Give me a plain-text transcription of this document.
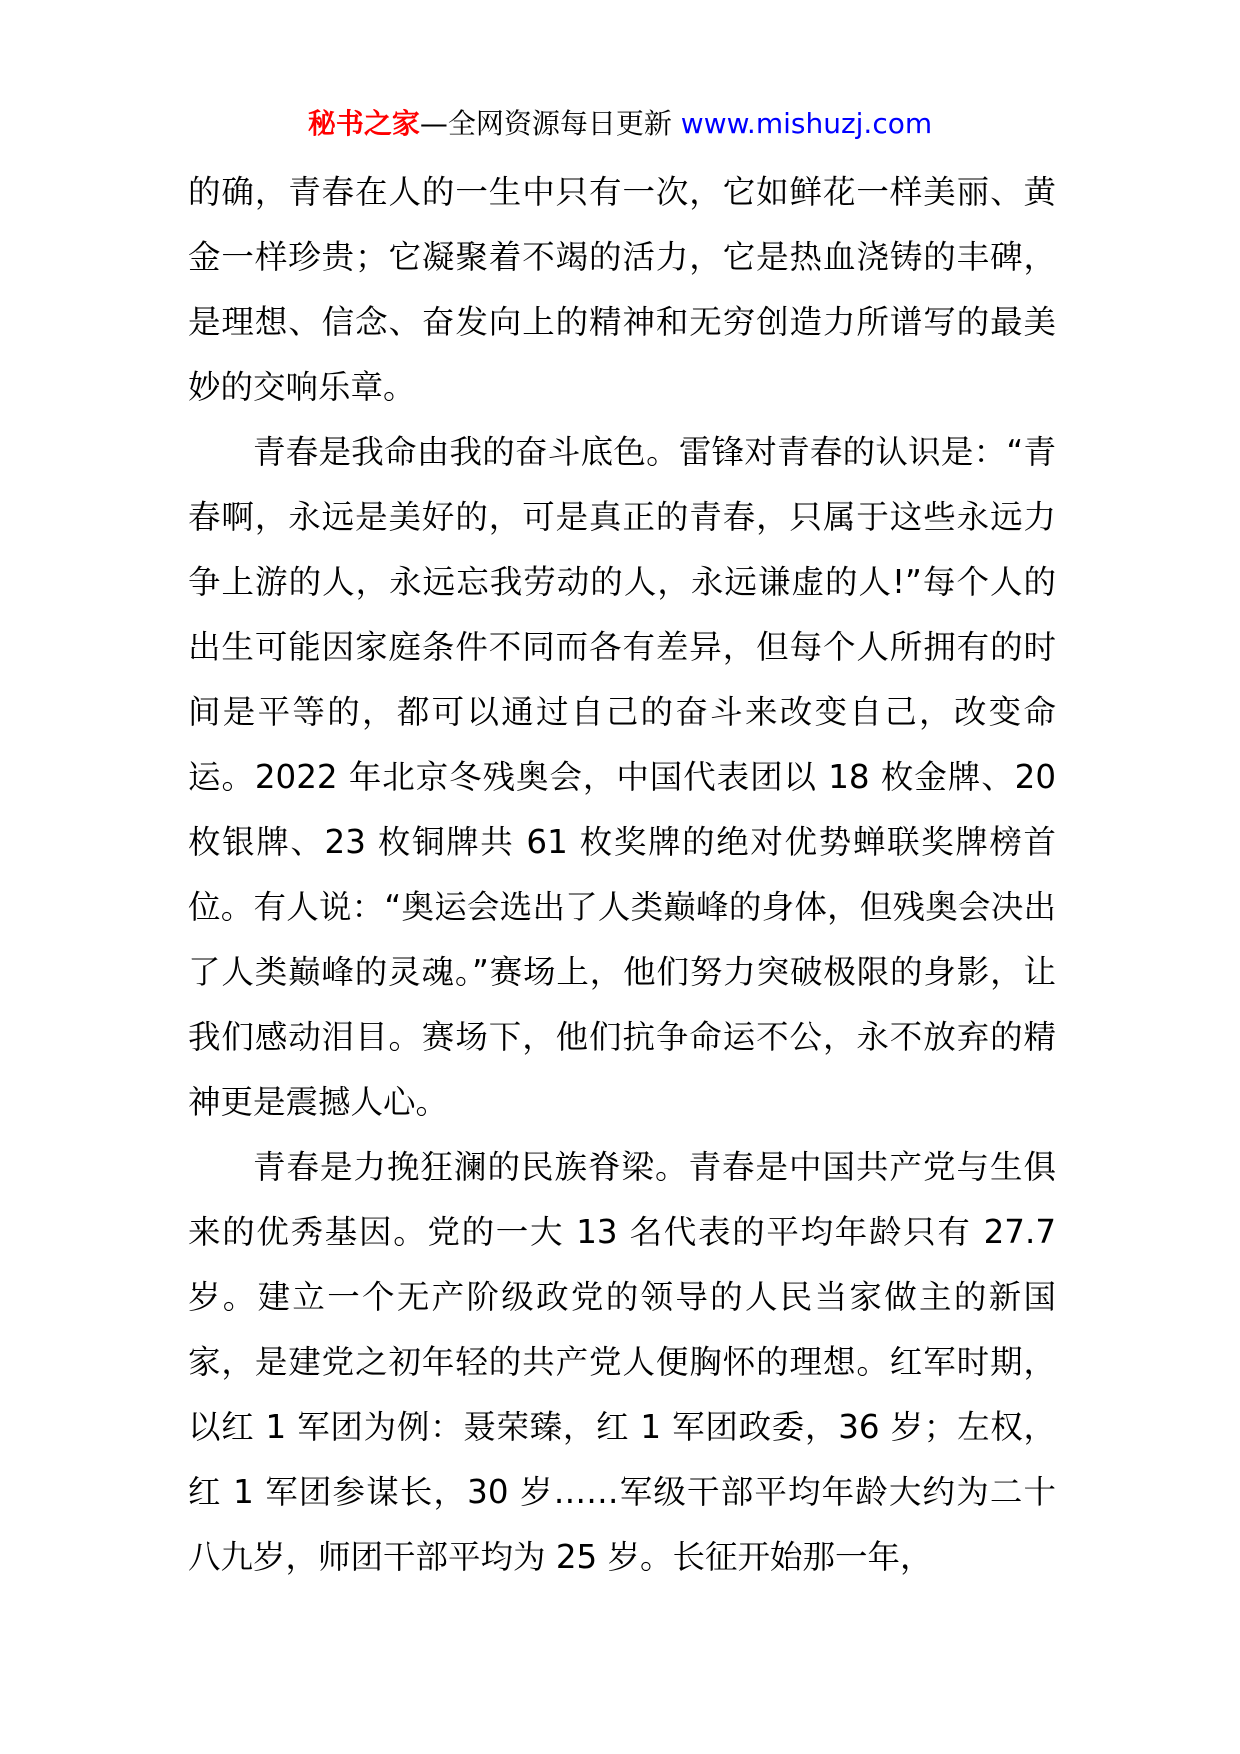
秘书之家—全网资源每日更新 www.mishuzj.com

的确，青春在人的一生中只有一次，它如鲜花一样美丽、黄金一样珍贵；它凝聚着不竭的活力，它是热血浇铸的丰碑，是理想、信念、奋发向上的精神和无穷创造力所谱写的最美妙的交响乐章。

青春是我命由我的奋斗底色。雷锋对青春的认识是：“青春啊，永远是美好的，可是真正的青春，只属于这些永远力争上游的人，永远忘我劳动的人，永远谦虚的人!”每个人的出生可能因家庭条件不同而各有差异，但每个人所拥有的时间是平等的，都可以通过自己的奋斗来改变自己，改变命运。2022 年北京冬残奥会，中国代表团以 18 枚金牌、20 枚银牌、23 枚铜牌共 61 枚奖牌的绝对优势蝉联奖牌榜首位。有人说：“奥运会选出了人类巅峰的身体，但残奥会决出了人类巅峰的灵魂。”赛场上，他们努力突破极限的身影，让我们感动泪目。赛场下，他们抗争命运不公，永不放弃的精神更是震撼人心。

青春是力挽狂澜的民族脊梁。青春是中国共产党与生俱来的优秀基因。党的一大 13 名代表的平均年龄只有 27.7 岁。建立一个无产阶级政党的领导的人民当家做主的新国家，是建党之初年轻的共产党人便胸怀的理想。红军时期，以红 1 军团为例：聂荣臻，红 1 军团政委，36 岁；左权，红 1 军团参谋长，30 岁……军级干部平均年龄大约为二十八九岁，师团干部平均为 25 岁。长征开始那一年，
